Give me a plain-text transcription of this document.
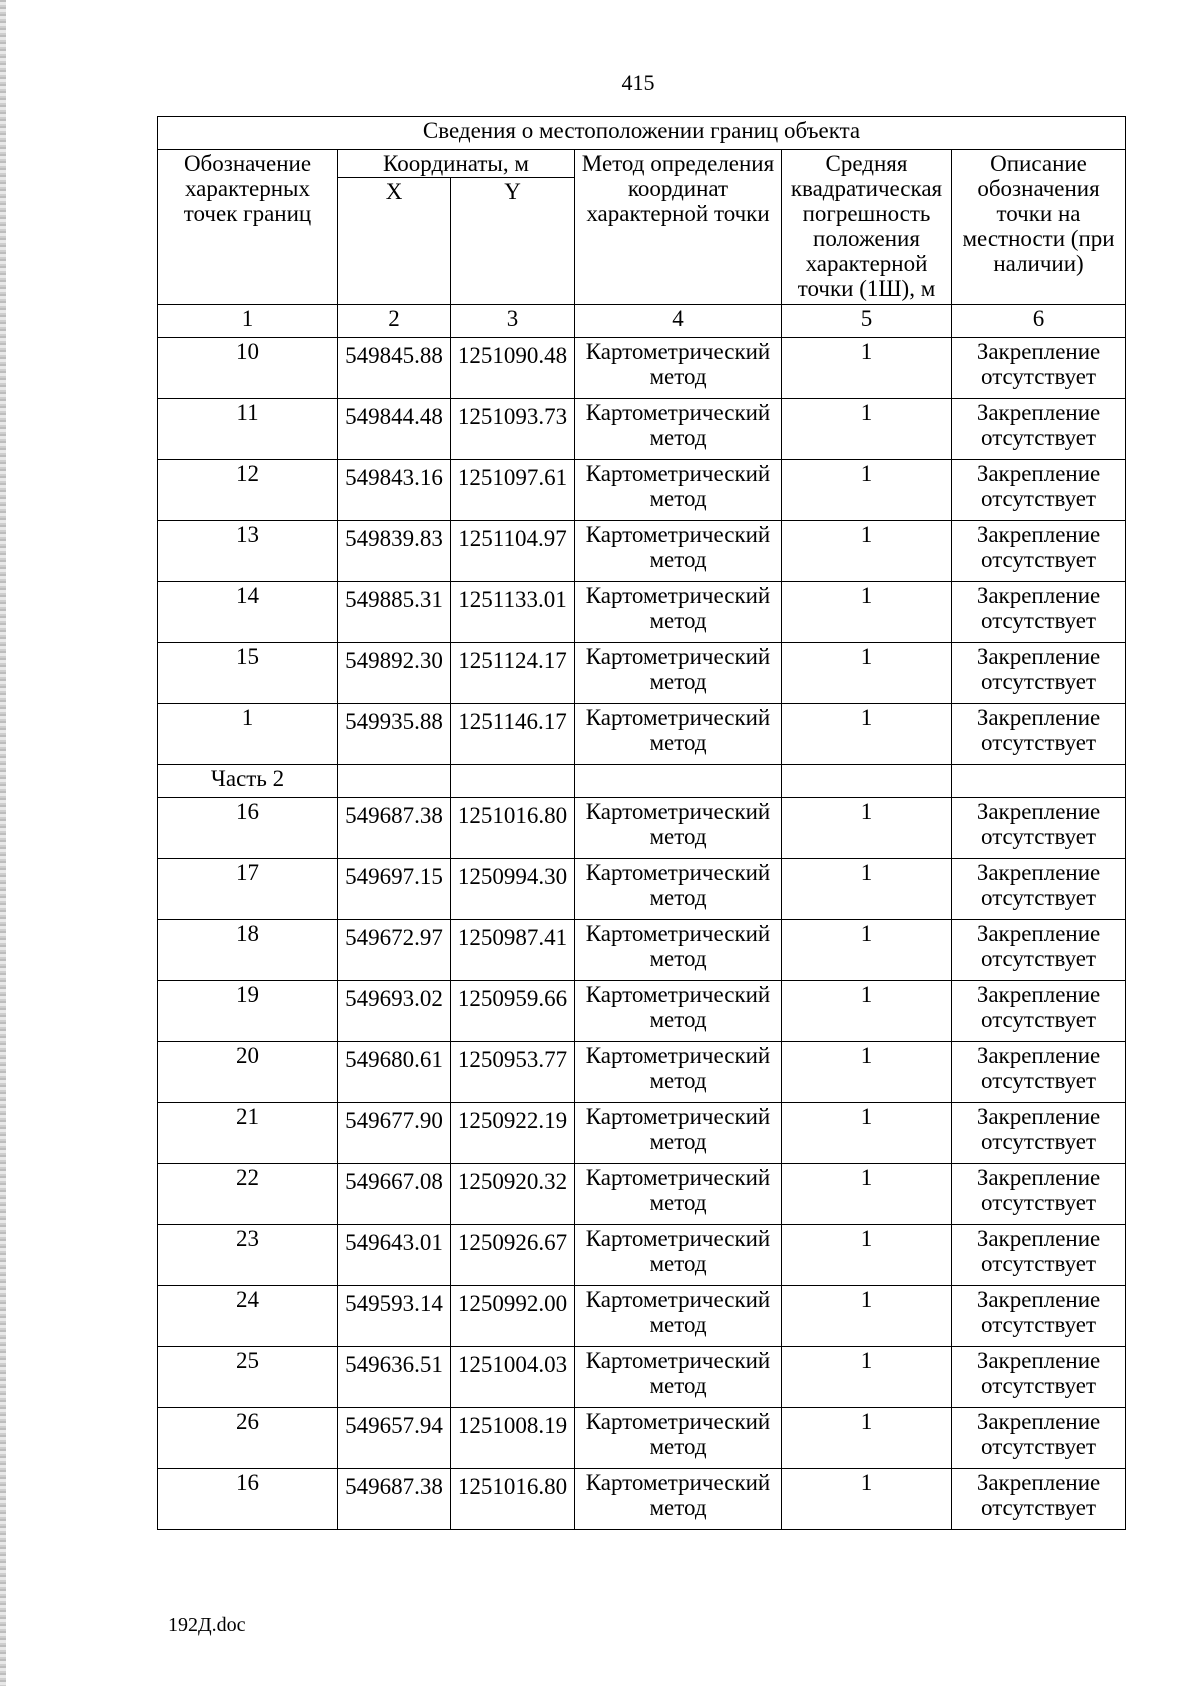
415
Сведения о местоположении границ объекта					
Обозначение характерных точек границ	Координаты, м		Метод определения координат характерной точки	Средняя квадратическая погрешность положения характерной точки (1Ш), м	Описание обозначения точки на местности (при наличии)
	X	Y			
1	2	3	4	5	6
10	549845.88	1251090.48	Картометрический метод	1	Закрепление отсутствует
11	549844.48	1251093.73	Картометрический метод	1	Закрепление отсутствует
12	549843.16	1251097.61	Картометрический метод	1	Закрепление отсутствует
13	549839.83	1251104.97	Картометрический метод	1	Закрепление отсутствует
14	549885.31	1251133.01	Картометрический метод	1	Закрепление отсутствует
15	549892.30	1251124.17	Картометрический метод	1	Закрепление отсутствует
1	549935.88	1251146.17	Картометрический метод	1	Закрепление отсутствует
Часть 2					
16	549687.38	1251016.80	Картометрический метод	1	Закрепление отсутствует
17	549697.15	1250994.30	Картометрический метод	1	Закрепление отсутствует
18	549672.97	1250987.41	Картометрический метод	1	Закрепление отсутствует
19	549693.02	1250959.66	Картометрический метод	1	Закрепление отсутствует
20	549680.61	1250953.77	Картометрический метод	1	Закрепление отсутствует
21	549677.90	1250922.19	Картометрический метод	1	Закрепление отсутствует
22	549667.08	1250920.32	Картометрический метод	1	Закрепление отсутствует
23	549643.01	1250926.67	Картометрический метод	1	Закрепление отсутствует
24	549593.14	1250992.00	Картометрический метод	1	Закрепление отсутствует
25	549636.51	1251004.03	Картометрический метод	1	Закрепление отсутствует
26	549657.94	1251008.19	Картометрический метод	1	Закрепление отсутствует
16	549687.38	1251016.80	Картометрический метод	1	Закрепление отсутствует
192Д.doc
